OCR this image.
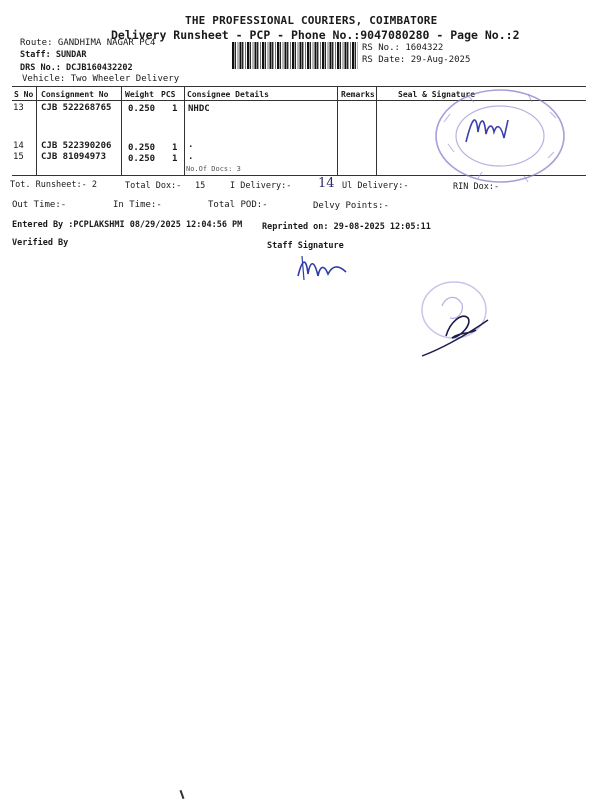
THE PROFESSIONAL COURIERS, COIMBATORE
Delivery Runsheet - PCP - Phone No.:9047080280 - Page No.:2
Route: GANDHIMA NAGAR PC4
Staff: SUNDAR
DRS No.: DCJB160432202
Vehicle: Two Wheeler Delivery
RS No.: 1604322
RS Date: 29-Aug-2025
S No Consignment No Weight PCS Consignee Details	Remarks	Seal & Signature
13 CJB 522268765 0.250 1 NHDC
14 CJB 522390206 0.250 1 .
15 CJB 81094973 0.250 1 .
No.Of Docs: 3
Tot. Runsheet:- 2	Total Dox:- 15	I Delivery:- 14 Ul Delivery:-	RIN Dox:-
Out Time:-	In Time:-	Total POD:-	Delvy Points:-
Entered By :PCPLAKSHMI 08/29/2025 12:04:56 PM Reprinted on: 29-08-2025 12:05:11
Verified By	Staff Signature
